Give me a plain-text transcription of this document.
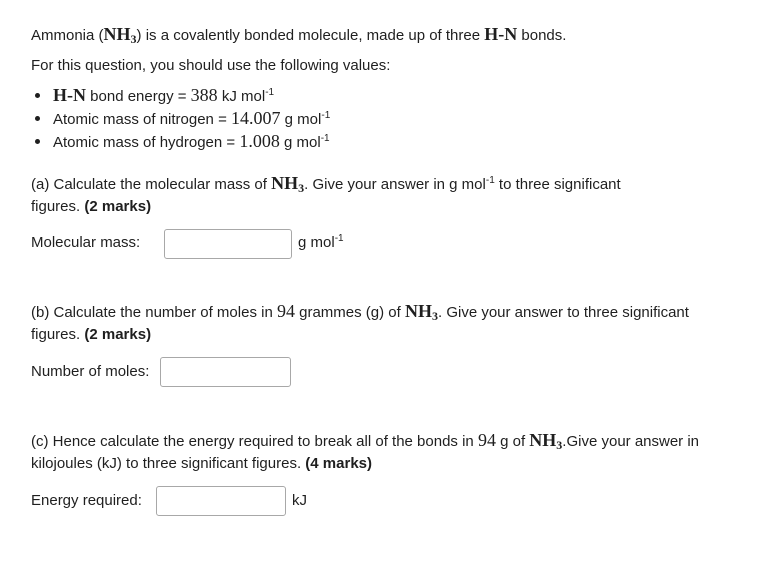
Ammonia $(NH_3)$ is a covalently bonded molecule, made up of three H-N bonds.
For this question, you should use the following values:
H-N bond energy = 388 kJ mol$^{-1}$
Atomic mass of nitrogen = 14.007 g mol$^{-1}$
Atomic mass of hydrogen = 1.008 g mol$^{-1}$
(a) Calculate the molecular mass of $NH_3$. Give your answer in g mol$^{-1}$ to three significant
figures. (2 marks)
Molecular mass:	g mol$^{-1}$
(b) Calculate the number of moles in 94 grammes (g) of $NH_3$. Give your answer to three significant
figures. (2 marks)
Number of moles:
(c) Hence calculate the energy required to break all of the bonds in 94 g of $NH_3.Give$ your answer in
kilojoules (kJ) to three significant figures. (4 marks)
Energy required:	kJ
